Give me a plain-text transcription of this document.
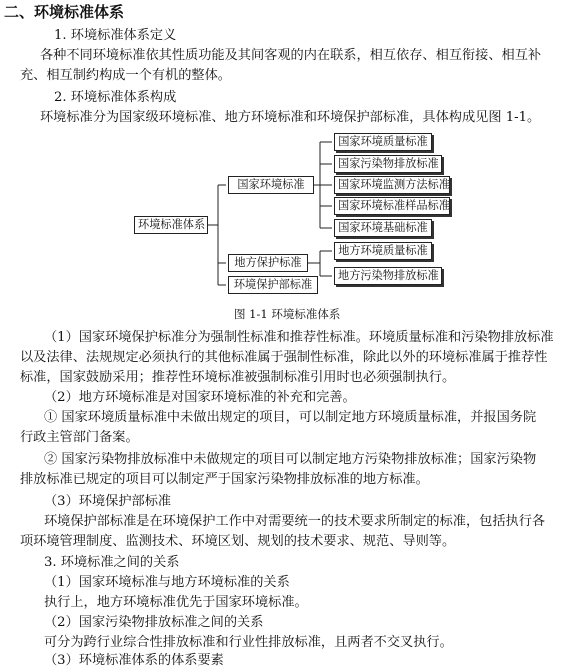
二、环境标准体系
1. 环境标准体系定义
各种不同环境标准依其性质功能及其间客观的内在联系，相互依存、相互衔接、相互补
充、相互制约构成一个有机的整体。
2. 环境标准体系构成
环境标准分为国家级环境标准、地方环境标准和环境保护部标准，具体构成见图 1-1。
环境标准体系
国家环境标准
地方保护标准
环境保护部标准
国家环境质量标准
国家污染物排放标准
国家环境监测方法标准
国家环境标准样品标准
国家环境基础标准
地方环境质量标准
地方污染物排放标准
图 1-1 环境标准体系
（1）国家环境保护标准分为强制性标准和推荐性标准。环境质量标准和污染物排放标准
以及法律、法规规定必须执行的其他标准属于强制性标准，除此以外的环境标准属于推荐性
标准，国家鼓励采用；推荐性环境标准被强制标准引用时也必须强制执行。
（2）地方环境标准是对国家环境标准的补充和完善。
① 国家环境质量标准中未做出规定的项目，可以制定地方环境质量标准，并报国务院
行政主管部门备案。
② 国家污染物排放标准中未做规定的项目可以制定地方污染物排放标准；国家污染物
排放标准已规定的项目可以制定严于国家污染物排放标准的地方标准。
（3）环境保护部标准
环境保护部标准是在环境保护工作中对需要统一的技术要求所制定的标准，包括执行各
项环境管理制度、监测技术、环境区划、规划的技术要求、规范、导则等。
3. 环境标准之间的关系
（1）国家环境标准与地方环境标准的关系
执行上，地方环境标准优先于国家环境标准。
（2）国家污染物排放标准之间的关系
可分为跨行业综合性排放标准和行业性排放标准，且两者不交叉执行。
（3）环境标准体系的体系要素
